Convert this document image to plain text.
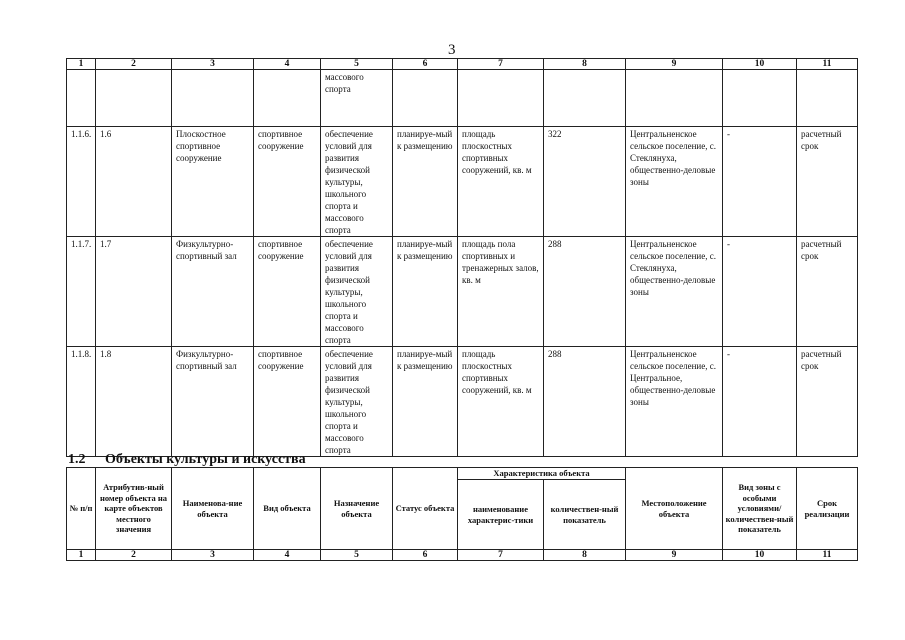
3
1	2	3	4	5	6	7	8	9	10	11
				массового спорта						
1.1.6.	1.6	Плоскостное спортивное сооружение	спортивное сооружение	обеспечение условий для развития физической культуры, школьного спорта и массового спорта	планируе-мый к размещению	площадь плоскостных спортивных сооружений, кв. м	322	Центральненское сельское поселение, с. Стеклянуха, общественно-деловые зоны	-	расчетный срок
1.1.7.	1.7	Физкультурно-спортивный зал	спортивное сооружение	обеспечение условий для развития физической культуры, школьного спорта и массового спорта	планируе-мый к размещению	площадь пола спортивных и тренажерных залов, кв. м	288	Центральненское сельское поселение, с. Стеклянуха, общественно-деловые зоны	-	расчетный срок
1.1.8.	1.8	Физкультурно-спортивный зал	спортивное сооружение	обеспечение условий для развития физической культуры, школьного спорта и массового спорта	планируе-мый к размещению	площадь плоскостных спортивных сооружений, кв. м	288	Центральненское сельское поселение, с. Центральное, общественно-деловые зоны	-	расчетный срок
1.2 Объекты культуры и искусства
№ п/п	Атрибутив-ный номер объекта на карте объектов местного значения	Наименова-ние объекта	Вид объекта	Назначение объекта	Статус объекта	Характеристика объекта		Местоположение объекта	Вид зоны с особыми условиями/ количествен-ный показатель	Срок реализации
						наименование характерис-тики	количествен-ный показатель			
1	2	3	4	5	6	7	8	9	10	11
